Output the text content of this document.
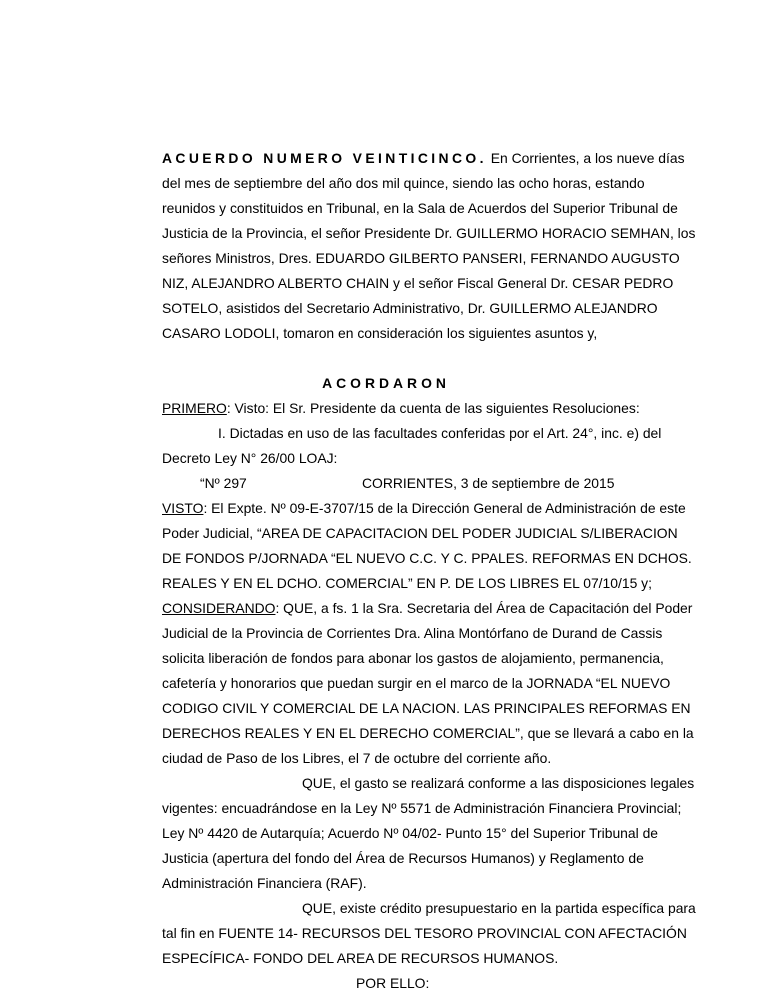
ACUERDO NUMERO VEINTICINCO. En Corrientes, a los nueve días
del mes de septiembre del año dos mil quince, siendo las ocho horas, estando
reunidos y constituidos en Tribunal, en la Sala de Acuerdos del Superior Tribunal de
Justicia de la Provincia, el señor Presidente Dr. GUILLERMO HORACIO SEMHAN, los
señores Ministros, Dres. EDUARDO GILBERTO PANSERI, FERNANDO AUGUSTO
NIZ, ALEJANDRO ALBERTO CHAIN y el señor Fiscal General Dr. CESAR PEDRO
SOTELO, asistidos del Secretario Administrativo, Dr. GUILLERMO ALEJANDRO
CASARO LODOLI, tomaron en consideración los siguientes asuntos y,
ACORDARON
PRIMERO: Visto: El Sr. Presidente da cuenta de las siguientes Resoluciones:
I. Dictadas en uso de las facultades conferidas por el Art. 24°, inc. e) del
Decreto Ley N° 26/00 LOAJ:
“Nº 297	CORRIENTES, 3 de septiembre de 2015
VISTO: El Expte. Nº 09-E-3707/15 de la Dirección General de Administración de este
Poder Judicial, “AREA DE CAPACITACION DEL PODER JUDICIAL S/LIBERACION
DE FONDOS P/JORNADA “EL NUEVO C.C. Y C. PPALES. REFORMAS EN DCHOS.
REALES Y EN EL DCHO. COMERCIAL” EN P. DE LOS LIBRES EL 07/10/15 y;
CONSIDERANDO: QUE, a fs. 1 la Sra. Secretaria del Área de Capacitación del Poder
Judicial de la Provincia de Corrientes Dra. Alina Montórfano de Durand de Cassis
solicita liberación de fondos para abonar los gastos de alojamiento, permanencia,
cafetería y honorarios que puedan surgir en el marco de la JORNADA “EL NUEVO
CODIGO CIVIL Y COMERCIAL DE LA NACION. LAS PRINCIPALES REFORMAS EN
DERECHOS REALES Y EN EL DERECHO COMERCIAL”, que se llevará a cabo en la
ciudad de Paso de los Libres, el 7 de octubre del corriente año.
QUE, el gasto se realizará conforme a las disposiciones legales
vigentes: encuadrándose en la Ley Nº 5571 de Administración Financiera Provincial;
Ley Nº 4420 de Autarquía; Acuerdo Nº 04/02- Punto 15° del Superior Tribunal de
Justicia (apertura del fondo del Área de Recursos Humanos) y Reglamento de
Administración Financiera (RAF).
QUE, existe crédito presupuestario en la partida específica para
tal fin en FUENTE 14- RECURSOS DEL TESORO PROVINCIAL CON AFECTACIÓN
ESPECÍFICA- FONDO DEL AREA DE RECURSOS HUMANOS.
POR ELLO:
